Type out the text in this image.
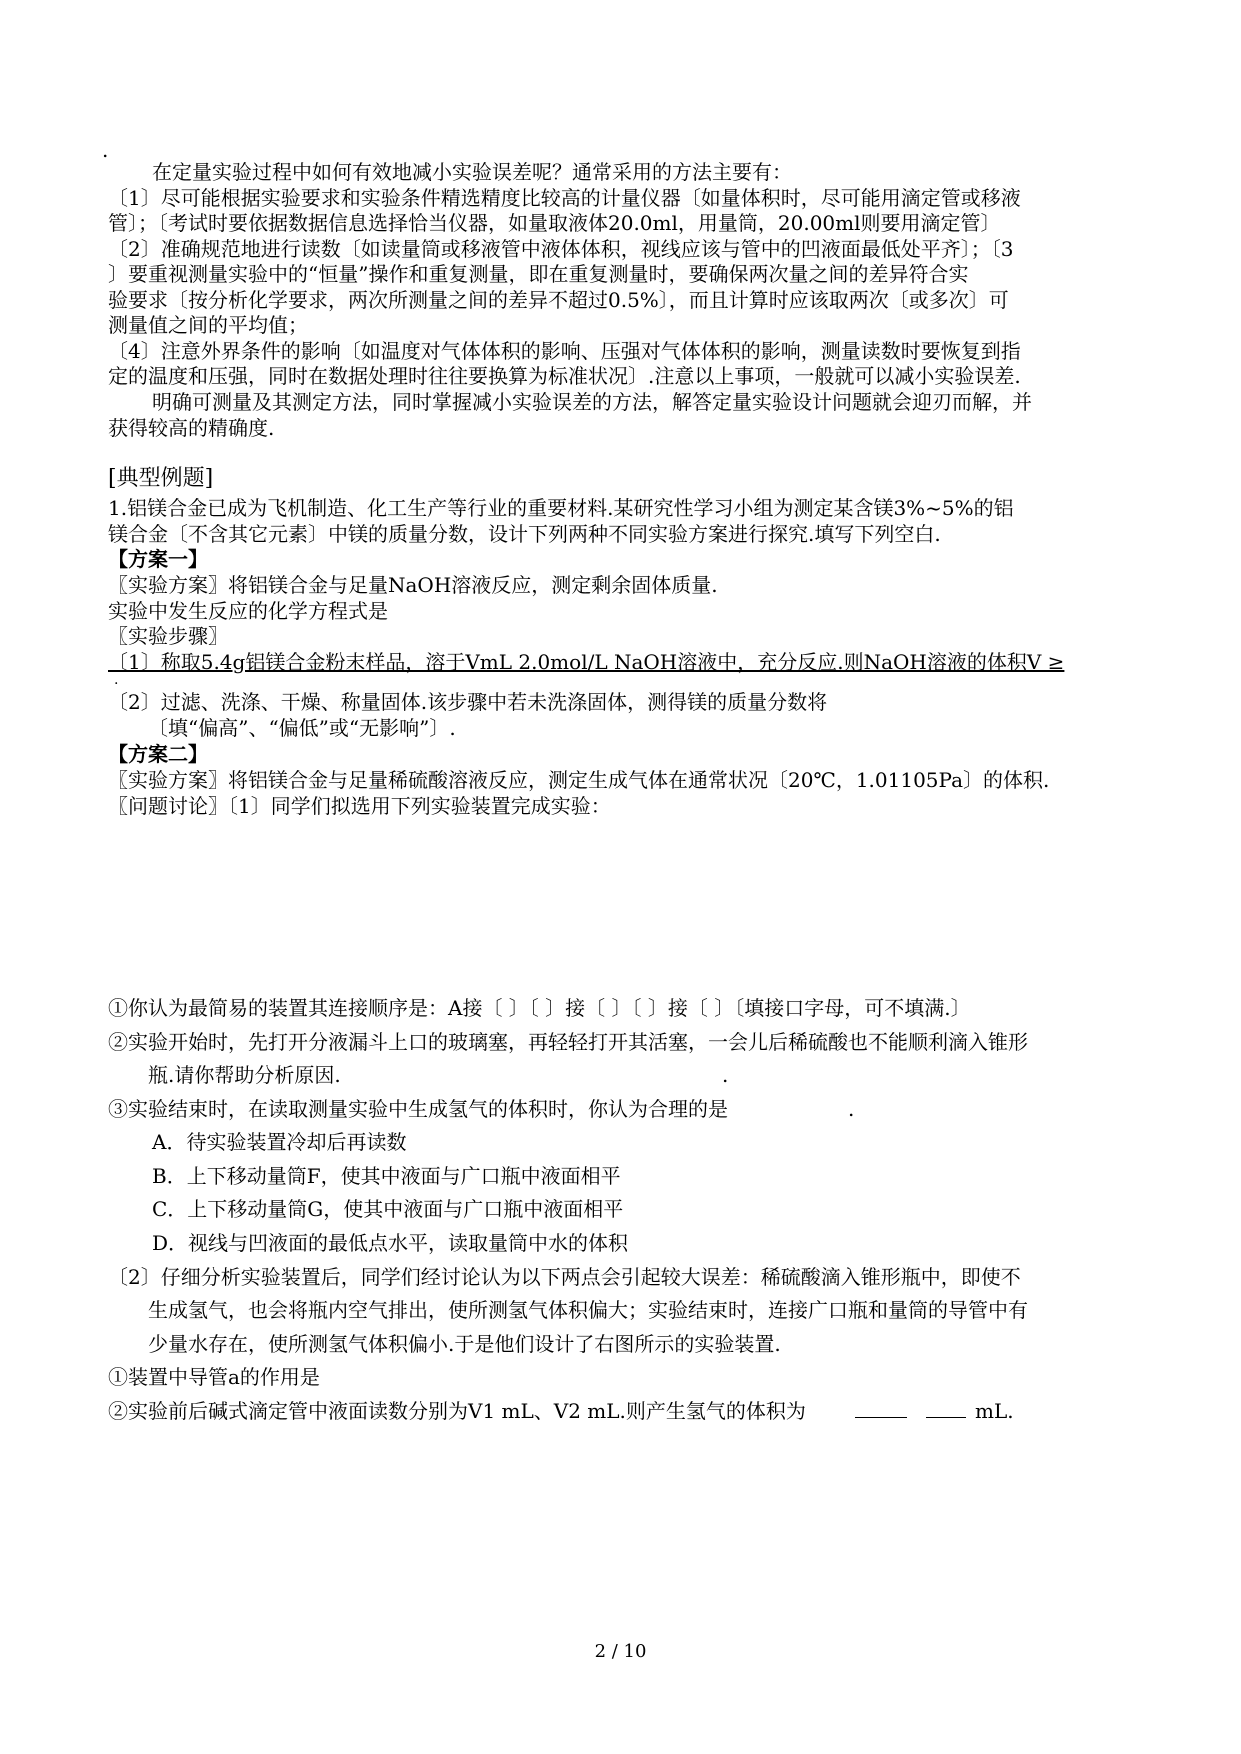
.
在定量实验过程中如何有效地减小实验误差呢？通常采用的方法主要有：
〔1〕尽可能根据实验要求和实验条件精选精度比较高的计量仪器〔如量体积时，尽可能用滴定管或移液
管〕；〔考试时要依据数据信息选择恰当仪器，如量取液体20.0ml，用量筒，20.00ml则要用滴定管〕
〔2〕准确规范地进行读数〔如读量筒或移液管中液体体积，视线应该与管中的凹液面最低处平齐〕；〔3
〕要重视测量实验中的“恒量”操作和重复测量，即在重复测量时，要确保两次量之间的差异符合实
验要求〔按分析化学要求，两次所测量之间的差异不超过0.5%〕，而且计算时应该取两次〔或多次〕可
测量值之间的平均值；
〔4〕注意外界条件的影响〔如温度对气体体积的影响、压强对气体体积的影响，测量读数时要恢复到指
定的温度和压强，同时在数据处理时往往要换算为标准状况〕.注意以上事项，一般就可以减小实验误差.
明确可测量及其测定方法，同时掌握减小实验误差的方法，解答定量实验设计问题就会迎刃而解，并
获得较高的精确度.
[典型例题]
1.铝镁合金已成为飞机制造、化工生产等行业的重要材料.某研究性学习小组为测定某含镁3%~5%的铝
镁合金〔不含其它元素〕中镁的质量分数，设计下列两种不同实验方案进行探究.填写下列空白.
【方案一】
〖实验方案〗将铝镁合金与足量NaOH溶液反应，测定剩余固体质量.
实验中发生反应的化学方程式是
〖实验步骤〗
〔1〕称取5.4g铝镁合金粉末样品，溶于VmL 2.0mol/L NaOH溶液中，充分反应.则NaOH溶液的体积V ≥
.
〔2〕过滤、洗涤、干燥、称量固体.该步骤中若未洗涤固体，测得镁的质量分数将
〔填“偏高”、“偏低”或“无影响”〕.
【方案二】
〖实验方案〗将铝镁合金与足量稀硫酸溶液反应，测定生成气体在通常状况〔20℃，1.01105Pa〕的体积.
〖问题讨论〗〔1〕同学们拟选用下列实验装置完成实验：
①你认为最简易的装置其连接顺序是：A接〔 〕〔 〕接〔 〕〔 〕接〔 〕〔填接口字母，可不填满.〕
②实验开始时，先打开分液漏斗上口的玻璃塞，再轻轻打开其活塞，一会儿后稀硫酸也不能顺利滴入锥形
瓶.请你帮助分析原因.	.
③实验结束时，在读取测量实验中生成氢气的体积时，你认为合理的是	.
A．待实验装置冷却后再读数
B．上下移动量筒F，使其中液面与广口瓶中液面相平
C．上下移动量筒G，使其中液面与广口瓶中液面相平
D．视线与凹液面的最低点水平，读取量筒中水的体积
〔2〕仔细分析实验装置后，同学们经讨论认为以下两点会引起较大误差：稀硫酸滴入锥形瓶中，即使不
生成氢气，也会将瓶内空气排出，使所测氢气体积偏大；实验结束时，连接广口瓶和量筒的导管中有
少量水存在，使所测氢气体积偏小.于是他们设计了右图所示的实验装置.
①装置中导管a的作用是
②实验前后碱式滴定管中液面读数分别为V1 mL、V2 mL.则产生氢气的体积为	mL.
2 / 10
